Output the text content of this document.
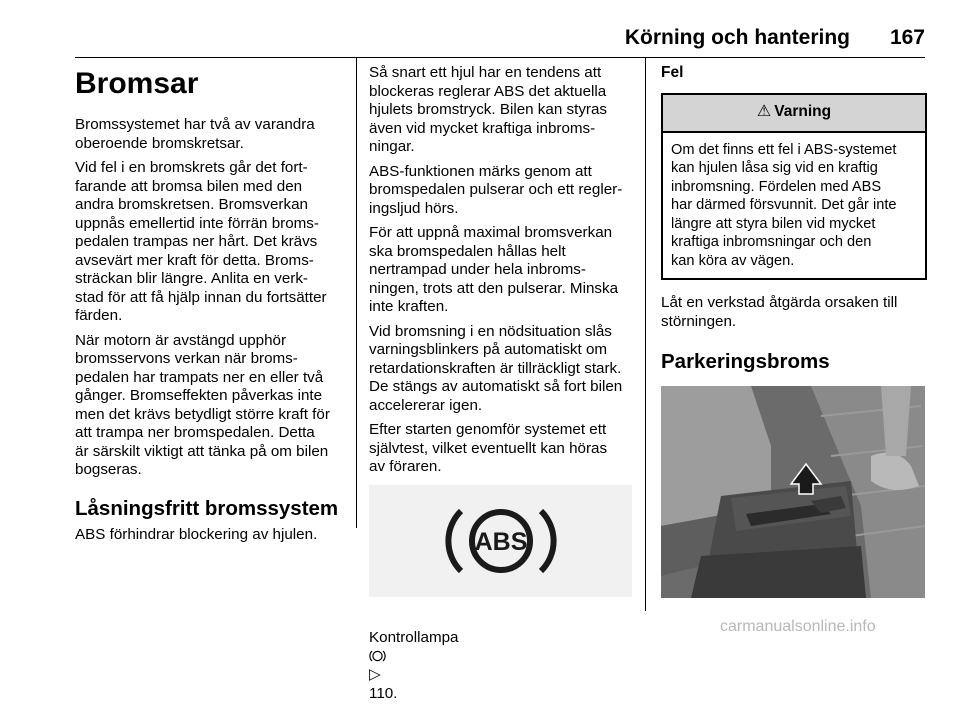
Körning och hantering 167
Bromsar

Bromssystemet har två av varandra
oberoende bromskretsar.

Vid fel i en bromskrets går det fort-
farande att bromsa bilen med den
andra bromskretsen. Bromsverkan
uppnås emellertid inte förrän broms-
pedalen trampas ner hårt. Det krävs
avsevärt mer kraft för detta. Broms-
sträckan blir längre. Anlita en verk-
stad för att få hjälp innan du fortsätter
färden.

När motorn är avstängd upphör
bromsservons verkan när broms-
pedalen har trampats ner en eller två
gånger. Bromseffekten påverkas inte
men det krävs betydligt större kraft för
att trampa ner bromspedalen. Detta
är särskilt viktigt att tänka på om bilen
bogseras.

Låsningsfritt bromssystem

ABS förhindrar blockering av hjulen.

Så snart ett hjul har en tendens att
blockeras reglerar ABS det aktuella
hjulets bromstryck. Bilen kan styras
även vid mycket kraftiga inbroms-
ningar.

ABS-funktionen märks genom att
bromspedalen pulserar och ett regler-
ingsljud hörs.

För att uppnå maximal bromsverkan
ska bromspedalen hållas helt
nertrampad under hela inbroms-
ningen, trots att den pulserar. Minska
inte kraften.

Vid bromsning i en nödsituation slås
varningsblinkers på automatiskt om
retardationskraften är tillräckligt stark.
De stängs av automatiskt så fort bilen
accelererar igen.

Efter starten genomför systemet ett
självtest, vilket eventuellt kan höras
av föraren.

ABS

Kontrollampa

▷
110.

Fel
⚠ Varning
Om det finns ett fel i ABS-systemet
kan hjulen låsa sig vid en kraftig
inbromsning. Fördelen med ABS
har därmed försvunnit. Det går inte
längre att styra bilen vid mycket
kraftiga inbromsningar och den
kan köra av vägen.

Låt en verkstad åtgärda orsaken till
störningen.

Parkeringsbroms
carmanualsonline.info
